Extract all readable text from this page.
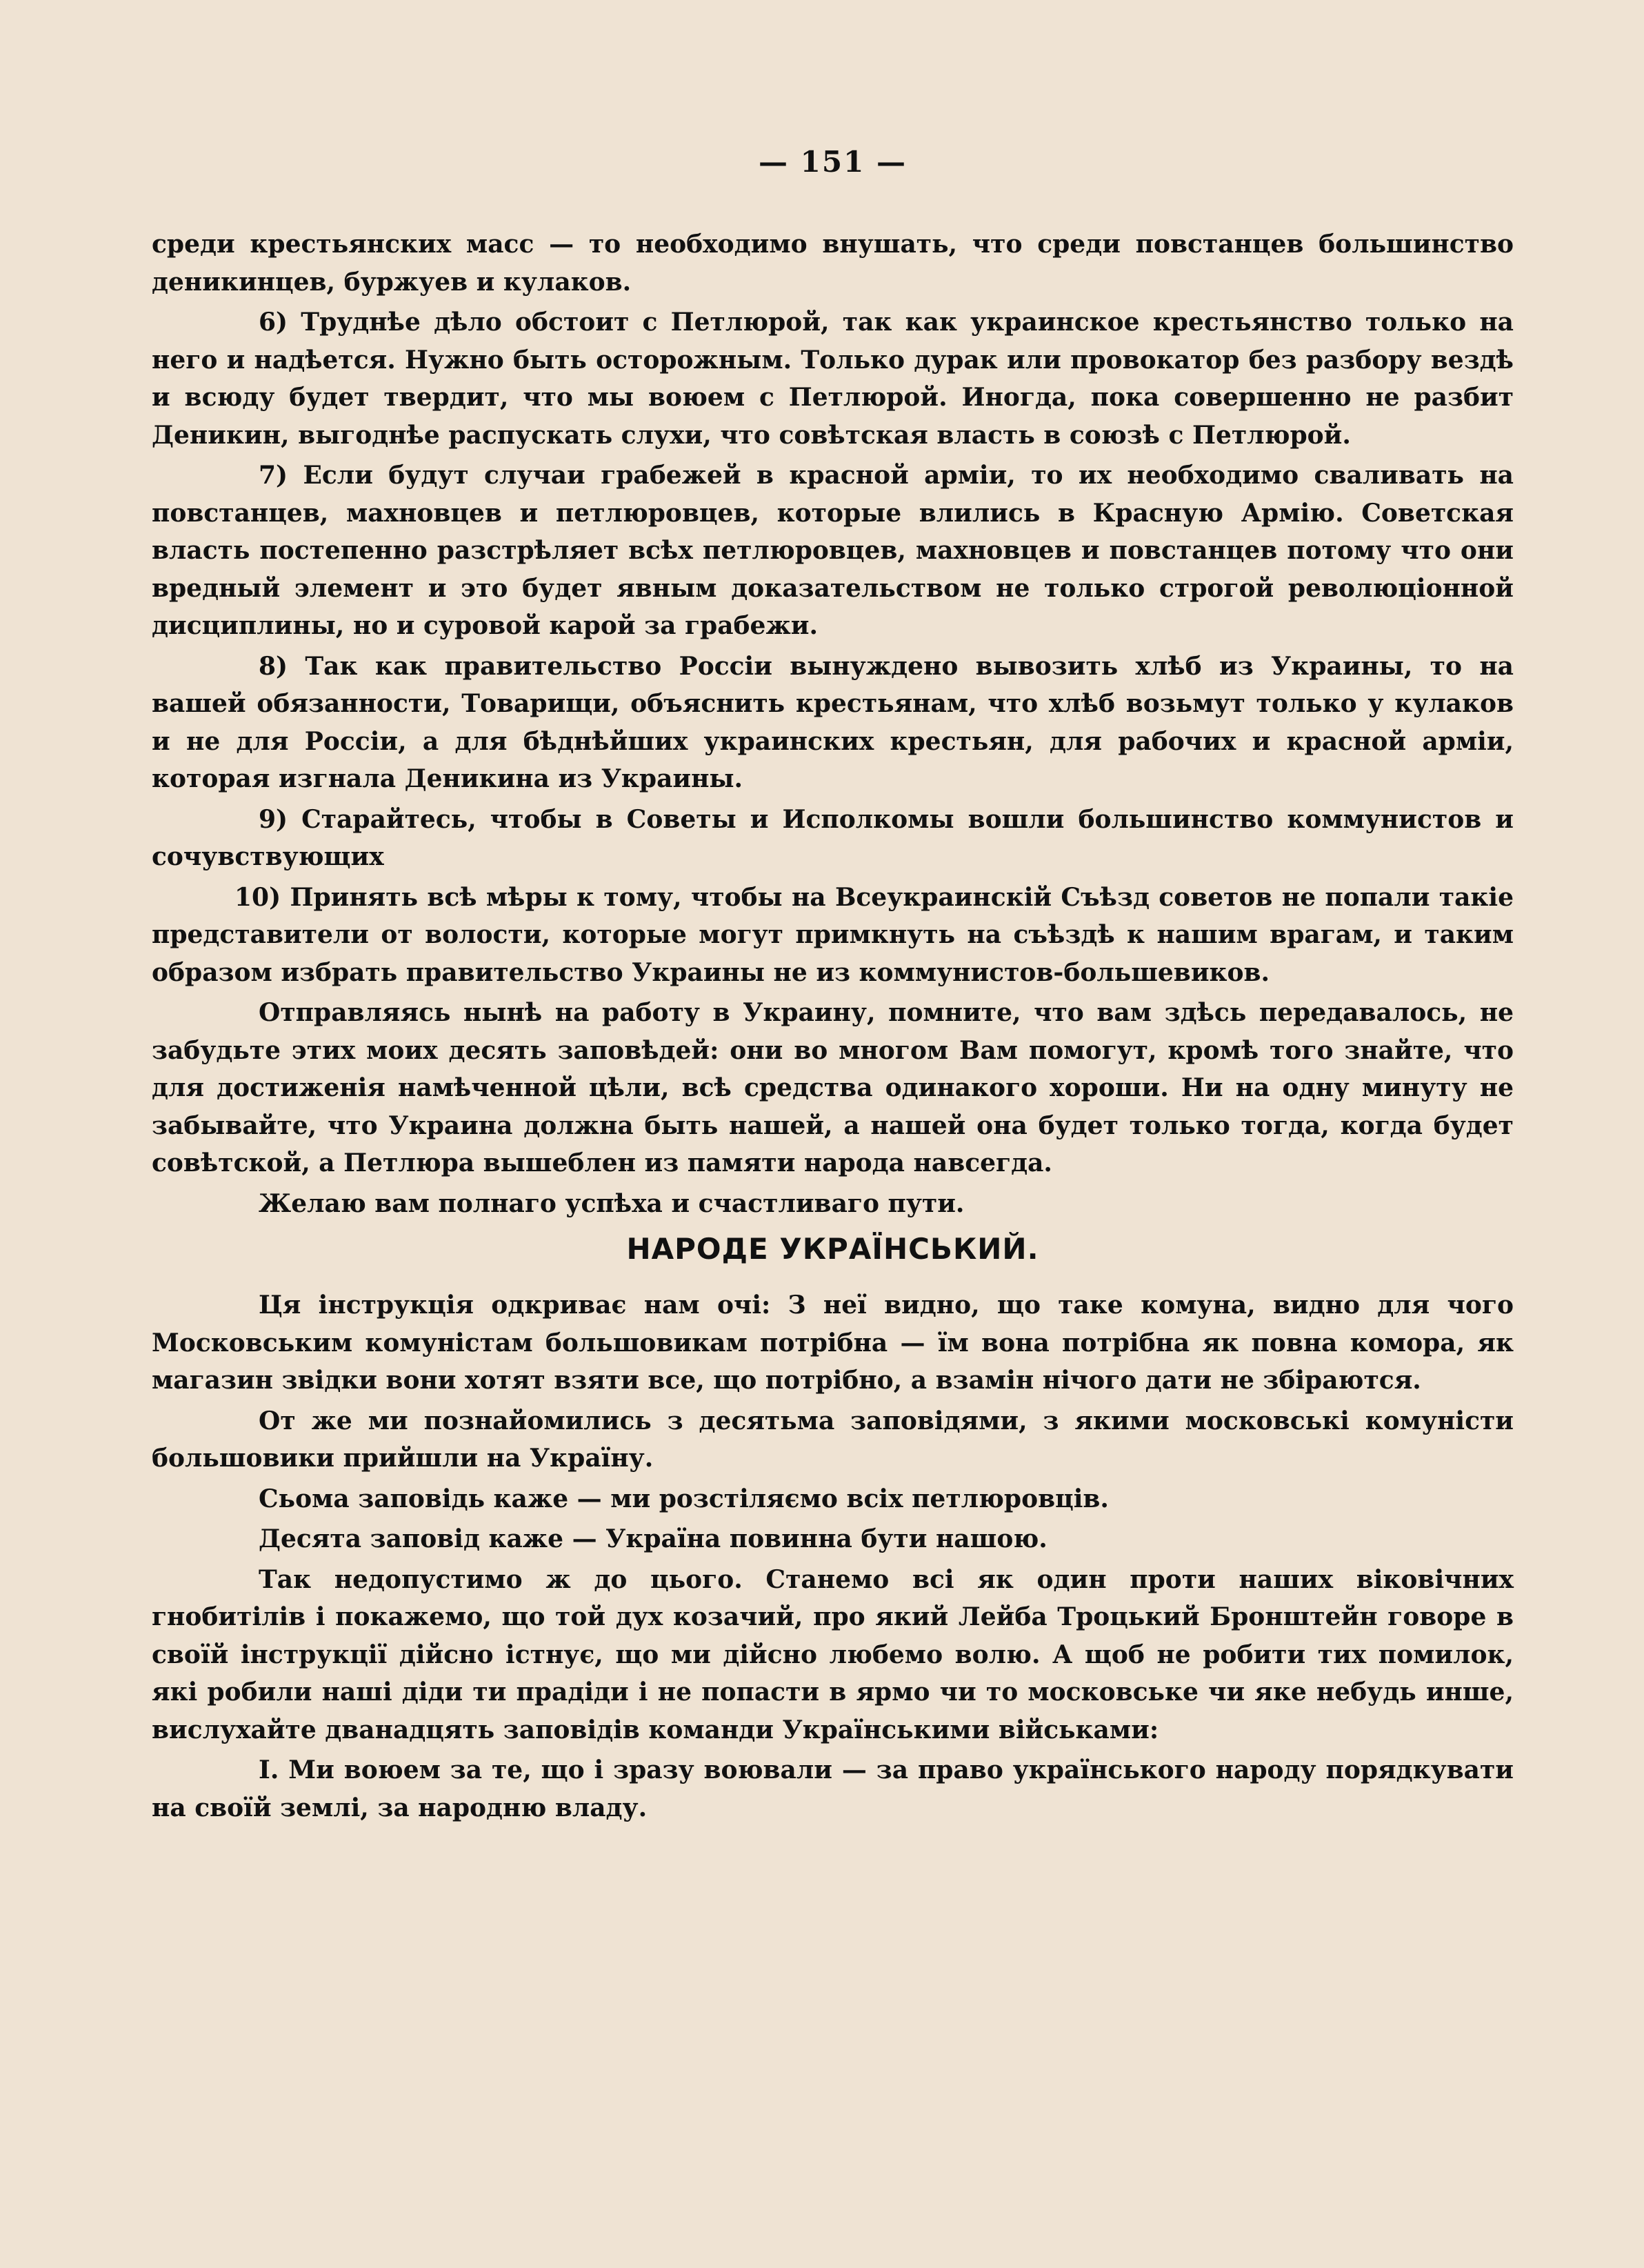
— 151 —

среди крестьянских масс — то необходимо внушать, что среди повстанцев большинство деникинцев, буржуев и кулаков.

6) Труднѣе дѣло обстоит с Петлюрой, так как украинское крестьянство только на него и надѣется. Нужно быть осторожным. Только дурак или провокатор без разбору вездѣ и всюду будет твердит, что мы воюем с Петлюрой. Иногда, пока совершенно не разбит Деникин, выгоднѣе распускать слухи, что совѣтская власть в союзѣ с Петлюрой.

7) Если будут случаи грабежей в красной арміи, то их необходимо сваливать на повстанцев, махновцев и петлюровцев, которые влились в Красную Армію. Советская власть постепенно разстрѣляет всѣх петлюровцев, махновцев и повстанцев потому что они вредный элемент и это будет явным доказательством не только строгой революціонной дисциплины, но и суровой карой за грабежи.

8) Так как правительство Россіи вынуждено вывозить хлѣб из Украины, то на вашей обязанности, Товарищи, объяснить крестьянам, что хлѣб возьмут только у кулаков и не для Россіи, а для бѣднѣйших украинских крестьян, для рабочих и красной арміи, которая изгнала Деникина из Украины.

9) Старайтесь, чтобы в Советы и Исполкомы вошли большинство коммунистов и сочувствующих

10) Принять всѣ мѣры к тому, чтобы на Всеукраинскій Съѣзд советов не попали такіе представители от волости, которые могут примкнуть на съѣздѣ к нашим врагам, и таким образом избрать правительство Украины не из коммунистов-большевиков.

Отправляясь нынѣ на работу в Украину, помните, что вам здѣсь передавалось, не забудьте этих моих десять заповѣдей: они во многом Вам помогут, кромѣ того знайте, что для достиженія намѣченной цѣли, всѣ средства одинакого хороши. Ни на одну минуту не забывайте, что Украина должна быть нашей, а нашей она будет только тогда, когда будет совѣтской, а Петлюра вышеблен из памяти народа навсегда.

Желаю вам полнаго успѣха и счастливаго пути.

НАРОДЕ УКРАЇНСЬКИЙ.

Ця інструкція одкриває нам очі: З неї видно, що таке комуна, видно для чого Московським комуністам большовикам потрібна — їм вона потрібна як повна комора, як магазин звідки вони хотят взяти все, що потрібно, а взамін нічого дати не збіраются.

От же ми познайомились з десятьма заповідями, з якими московські комуністи большовики прийшли на Україну.

Сьома заповідь каже — ми розстіляємо всіх петлюровців.

Десята заповід каже — Україна повинна бути нашою.

Так недопустимо ж до цього. Станемо всі як один проти наших віковічних гнобитілів і покажемо, що той дух козачий, про який Лейба Троцький Бронштейн говоре в своїй інструкції дійсно істнує, що ми дійсно любемо волю. А щоб не робити тих помилок, які робили наші діди ти прадіди і не попасти в ярмо чи то московське чи яке небудь инше, вислухайте дванадцять заповідів команди Українськими військами:

І. Ми воюем за те, що і зразу воювали — за право українського народу порядкувати на своїй землі, за народню владу.
